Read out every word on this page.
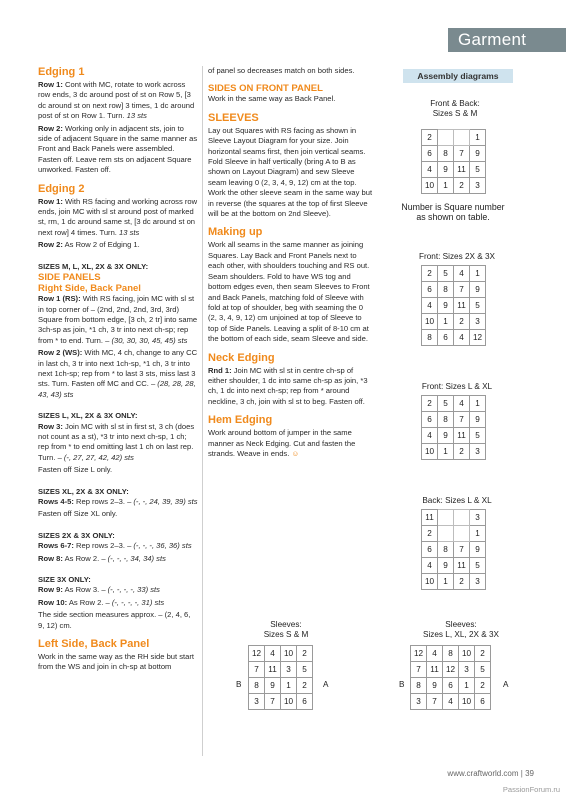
Garment
Edging 1

Row 1: Cont with MC, rotate to work across row ends, 3 dc around post of st on Row 5, [3 dc around st on next row] 3 times, 1 dc around post of st on Row 1. Turn. 13 sts

Row 2: Working only in adjacent sts, join to side of adjacent Square in the same manner as Front and Back Panels were assembled. Fasten off. Leave rem sts on adjacent Square unworked. Fasten off.

Edging 2

Row 1: With RS facing and working across row ends, join MC with sl st around post of marked st, rm, 1 dc around same st, [3 dc around st on next row] 4 times. Turn. 13 sts

Row 2: As Row 2 of Edging 1.

SIZES M, L, XL, 2X & 3X ONLY:

SIDE PANELS
Right Side, Back Panel

Row 1 (RS): With RS facing, join MC with sl st in top corner of – (2nd, 2nd, 2nd, 3rd, 3rd) Square from bottom edge, [3 ch, 2 tr] into same 3ch-sp as join, *1 ch, 3 tr into next ch-sp; rep from * to end. Turn. – (30, 30, 30, 45, 45) sts

Row 2 (WS): With MC, 4 ch, change to any CC in last ch, 3 tr into next 1ch-sp, *1 ch, 3 tr into next 1ch-sp; rep from * to last 3 sts, miss last 3 sts. Turn. Fasten off MC and CC. – (28, 28, 28, 43, 43) sts

SIZES L, XL, 2X & 3X ONLY:

Row 3: Join MC with sl st in first st, 3 ch (does not count as a st), *3 tr into next ch-sp, 1 ch; rep from * to end omitting last 1 ch on last rep. Turn. – (-, 27, 27, 42, 42) sts

Fasten off Size L only.

SIZES XL, 2X & 3X ONLY:

Rows 4-5: Rep rows 2–3. – (-, -, 24, 39, 39) sts

Fasten off Size XL only.

SIZES 2X & 3X ONLY:

Rows 6-7: Rep rows 2–3. – (-, -, -, 36, 36) sts

Row 8: As Row 2. – (-, -, -, 34, 34) sts

SIZE 3X ONLY:

Row 9: As Row 3. – (-, -, -, -, 33) sts

Row 10: As Row 2. – (-, -, -, -, 31) sts

The side section measures approx. – (2, 4, 6, 9, 12) cm.

Left Side, Back Panel

Work in the same way as the RH side but start from the WS and join in ch-sp at bottom

of panel so decreases match on both sides.

SIDES ON FRONT PANEL

Work in the same way as Back Panel.

SLEEVES

Lay out Squares with RS facing as shown in Sleeve Layout Diagram for your size. Join horizontal seams first, then join vertical seams. Fold Sleeve in half vertically (bring A to B as shown on Layout Diagram) and sew Sleeve seam leaving 0 (2, 3, 4, 9, 12) cm at the top. Work the other sleeve seam in the same way but in reverse (the squares at the top of first Sleeve will be at the bottom on 2nd Sleeve).

Making up

Work all seams in the same manner as joining Squares. Lay Back and Front Panels next to each other, with shoulders touching and RS out. Seam shoulders. Fold to have WS tog and bottom edges even, then seam Sleeves to Front and Back Panels, matching fold of Sleeve with fold at top of shoulder, beg with seaming the 0 (2, 3, 4, 9, 12) cm unjoined at top of Sleeve to top of Side Panels. Leaving a split of 8-10 cm at the bottom of each side, seam Sleeve and side.

Neck Edging

Rnd 1: Join MC with sl st in centre ch-sp of either shoulder, 1 dc into same ch-sp as join, *3 ch, 1 dc into next ch-sp; rep from * around neckline, 3 ch, join with sl st to beg. Fasten off.

Hem Edging

Work around bottom of jumper in the same manner as Neck Edging. Cut and fasten the strands. Weave in ends. ☺

Assembly diagrams
Front & Back:
Sizes S & M
2			1
6	8	7	9
4	9	11	5
10	1	2	3
Number is Square number
as shown on table.
Front: Sizes 2X & 3X
2	5	4	1
6	8	7	9
4	9	11	5
10	1	2	3
8	6	4	12
Front: Sizes L & XL
2	5	4	1
6	8	7	9
4	9	11	5
10	1	2	3
Back: Sizes L & XL
11			3
2			1
6	8	7	9
4	9	11	5
10	1	2	3
Sleeves:
Sizes S & M
12	4	10	2
7	11	3	5
8	9	1	2
3	7	10	6
B	A
Sleeves:
Sizes L, XL, 2X & 3X
12	4	8	10	2
7	11	12	3	5
8	9	6	1	2
3	7	4	10	6
B	A
www.craftworld.com | 39
PassionForum.ru
